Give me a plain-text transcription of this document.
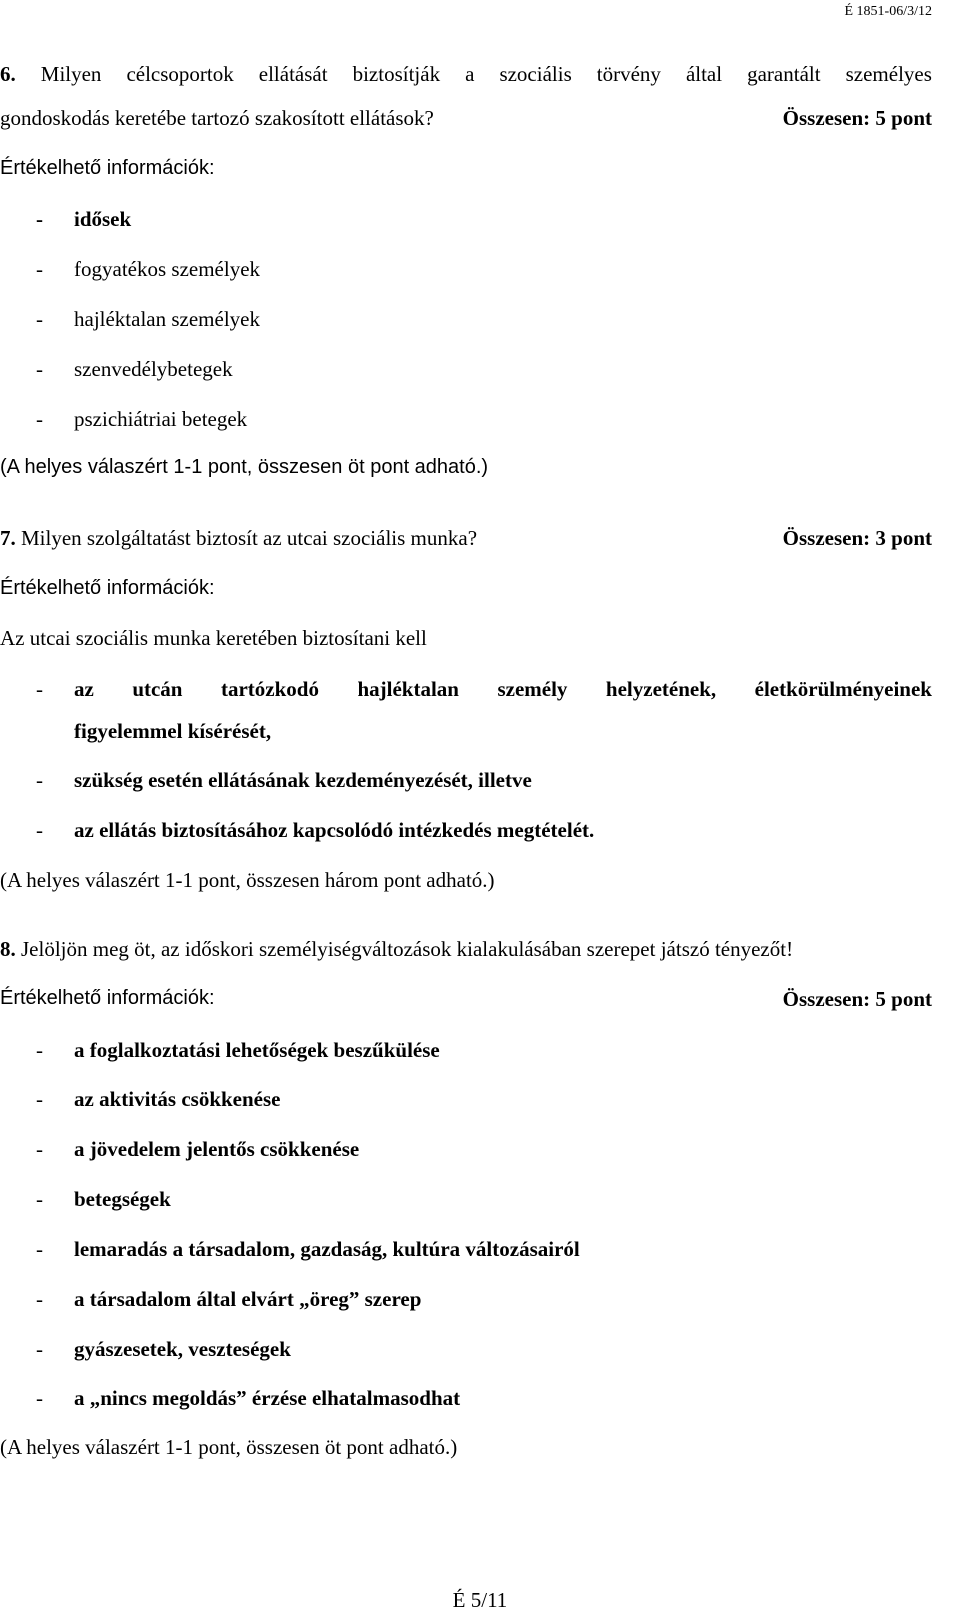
É 1851-06/3/12
6. Milyen célcsoportok ellátását biztosítják a szociális törvény által garantált személyes
gondoskodás keretébe tartozó szakosított ellátások?	Összesen: 5 pont
Értékelhető információk:
- idősek
- fogyatékos személyek
- hajléktalan személyek
- szenvedélybetegek
- pszichiátriai betegek
(A helyes válaszért 1-1 pont, összesen öt pont adható.)
7. Milyen szolgáltatást biztosít az utcai szociális munka?	Összesen: 3 pont
Értékelhető információk:
Az utcai szociális munka keretében biztosítani kell
- az utcán tartózkodó hajléktalan személy helyzetének, életkörülményeinek
figyelemmel kísérését,
- szükség esetén ellátásának kezdeményezését, illetve
- az ellátás biztosításához kapcsolódó intézkedés megtételét.
(A helyes válaszért 1-1 pont, összesen három pont adható.)
8. Jelöljön meg öt, az időskori személyiségváltozások kialakulásában szerepet játszó tényezőt!
Értékelhető információk:	Összesen: 5 pont
- a foglalkoztatási lehetőségek beszűkülése
- az aktivitás csökkenése
- a jövedelem jelentős csökkenése
- betegségek
- lemaradás a társadalom, gazdaság, kultúra változásairól
- a társadalom által elvárt „öreg” szerep
- gyászesetek, veszteségek
- a „nincs megoldás” érzése elhatalmasodhat
(A helyes válaszért 1-1 pont, összesen öt pont adható.)
É 5/11
